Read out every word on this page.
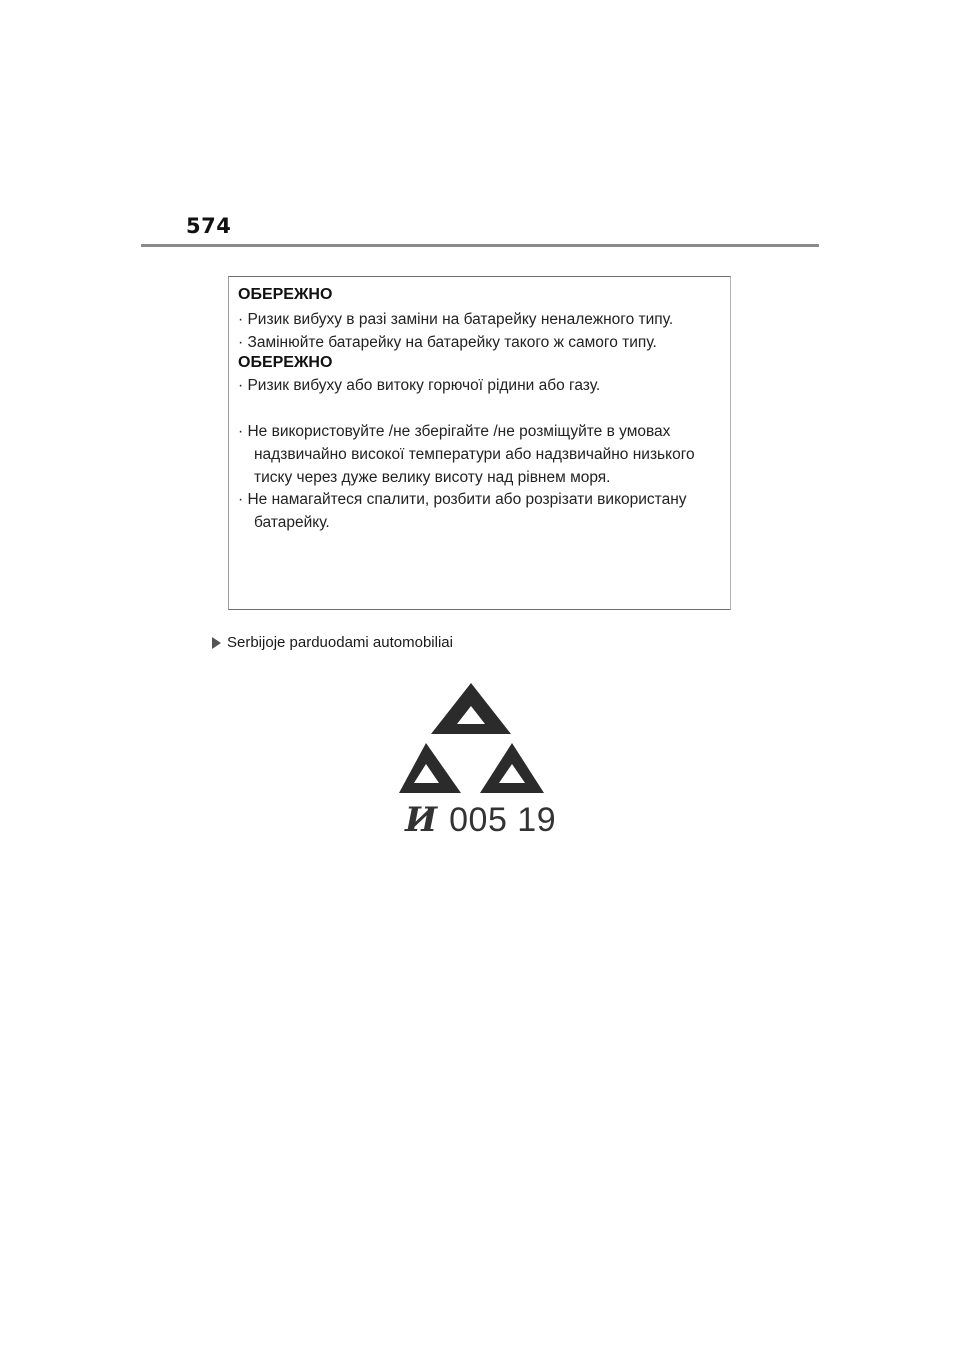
574
ОБЕРЕЖНО
· Ризик вибуху в разі заміни на батарейку неналежного типу.
· Замінюйте батарейку на батарейку такого ж самого типу.
ОБЕРЕЖНО
· Ризик вибуху або витоку горючої рідини або газу.
· Не використовуйте /не зберігайте /не розміщуйте в умовах
надзвичайно високої температури або надзвичайно низького
тиску через дуже велику висоту над рівнем моря.
· Не намагайтеся спалити, розбити або розрізати використану
батарейку.
Serbijoje parduodami automobiliai
И 005 19
